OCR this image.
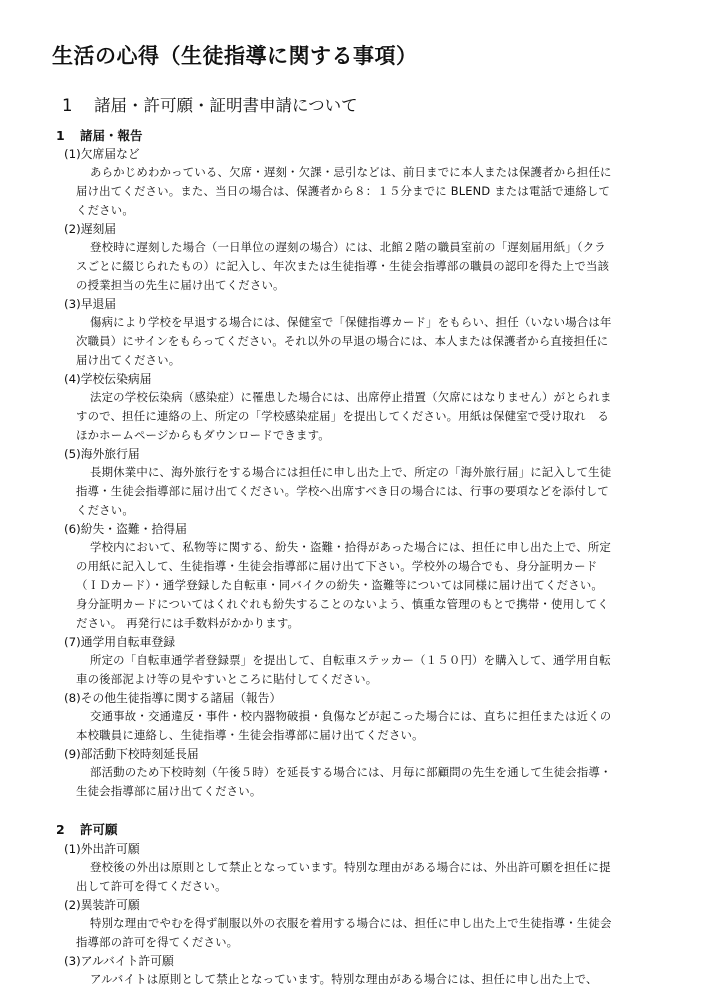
生活の心得（生徒指導に関する事項）
1 諸届・許可願・証明書申請について
1 諸届・報告
(1)欠席届など
あらかじめわかっている、欠席・遅刻・欠課・忌引などは、前日までに本人または保護者から担任に
届け出てください。また、当日の場合は、保護者から８：１５分までに BLEND または電話で連絡して
ください。
(2)遅刻届
登校時に遅刻した場合（一日単位の遅刻の場合）には、北館２階の職員室前の「遅刻届用紙」（クラ
スごとに綴じられたもの）に記入し、年次または生徒指導・生徒会指導部の職員の認印を得た上で当該
の授業担当の先生に届け出てください。
(3)早退届
傷病により学校を早退する場合には、保健室で「保健指導カード」をもらい、担任（いない場合は年
次職員）にサインをもらってください。それ以外の早退の場合には、本人または保護者から直接担任に
届け出てください。
(4)学校伝染病届
法定の学校伝染病（感染症）に罹患した場合には、出席停止措置（欠席にはなりません）がとられま
すので、担任に連絡の上、所定の「学校感染症届」を提出してください。用紙は保健室で受け取れ　る
ほかホームページからもダウンロードできます。
(5)海外旅行届
長期休業中に、海外旅行をする場合には担任に申し出た上で、所定の「海外旅行届」に記入して生徒
指導・生徒会指導部に届け出てください。学校へ出席すべき日の場合には、行事の要項などを添付して
ください。
(6)紛失・盗難・拾得届
学校内において、私物等に関する、紛失・盗難・拾得があった場合には、担任に申し出た上で、所定
の用紙に記入して、生徒指導・生徒会指導部に届け出て下さい。学校外の場合でも、身分証明カード
（ＩＤカード）・通学登録した自転車・同バイクの紛失・盗難等については同様に届け出てください。
身分証明カードについてはくれぐれも紛失することのないよう、慎重な管理のもとで携帯・使用してく
ださい。 再発行には手数料がかかります。
(7)通学用自転車登録
所定の「自転車通学者登録票」を提出して、自転車ステッカー（１５０円）を購入して、通学用自転
車の後部泥よけ等の見やすいところに貼付してください。
(8)その他生徒指導に関する諸届（報告）
交通事故・交通違反・事件・校内器物破損・負傷などが起こった場合には、直ちに担任または近くの
本校職員に連絡し、生徒指導・生徒会指導部に届け出てください。
(9)部活動下校時刻延長届
部活動のため下校時刻（午後５時）を延長する場合には、月毎に部顧問の先生を通して生徒会指導・
生徒会指導部に届け出てください。
2 許可願
(1)外出許可願
登校後の外出は原則として禁止となっています。特別な理由がある場合には、外出許可願を担任に提
出して許可を得てください。
(2)異装許可願
特別な理由でやむを得ず制服以外の衣服を着用する場合には、担任に申し出た上で生徒指導・生徒会
指導部の許可を得てください。
(3)アルバイト許可願
アルバイトは原則として禁止となっています。特別な理由がある場合には、担任に申し出た上で、
